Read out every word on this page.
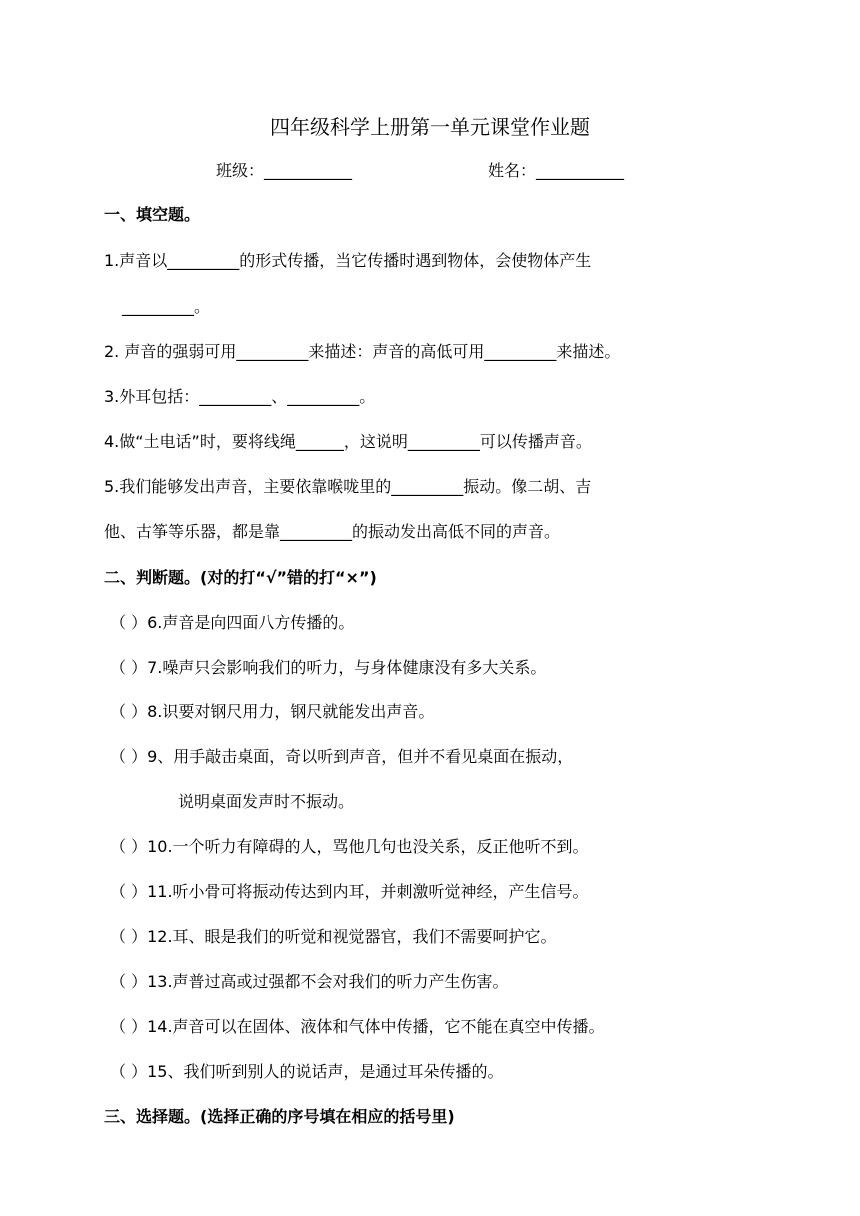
四年级科学上册第一单元课堂作业题
班级：___________	姓名：___________
一、填空题。
1.声音以_________的形式传播，当它传播时遇到物体，会使物体产生
_________。
2. 声音的强弱可用_________来描述：声音的高低可用_________来描述。
3.外耳包括：_________、_________。
4.做“土电话”时，要将线绳______，这说明_________可以传播声音。
5.我们能够发出声音，主要依靠喉咙里的_________振动。像二胡、吉
他、古筝等乐器，都是靠_________的振动发出高低不同的声音。
二、判断题。(对的打“√”错的打“×”)
（ ）6.声音是向四面八方传播的。
（ ）7.噪声只会影响我们的听力，与身体健康没有多大关系。
（ ）8.识要对钢尺用力，钢尺就能发出声音。
（ ）9、用手敲击桌面，奇以听到声音，但并不看见桌面在振动，
说明桌面发声时不振动。
（ ）10.一个听力有障碍的人，骂他几句也没关系，反正他听不到。
（ ）11.听小骨可将振动传达到内耳，并刺激听觉神经，产生信号。
（ ）12.耳、眼是我们的听觉和视觉器官，我们不需要呵护它。
（ ）13.声普过高或过强都不会对我们的听力产生伤害。
（ ）14.声音可以在固体、液体和气体中传播，它不能在真空中传播。
（ ）15、我们听到别人的说话声，是通过耳朵传播的。
三、选择题。(选择正确的序号填在相应的括号里)
